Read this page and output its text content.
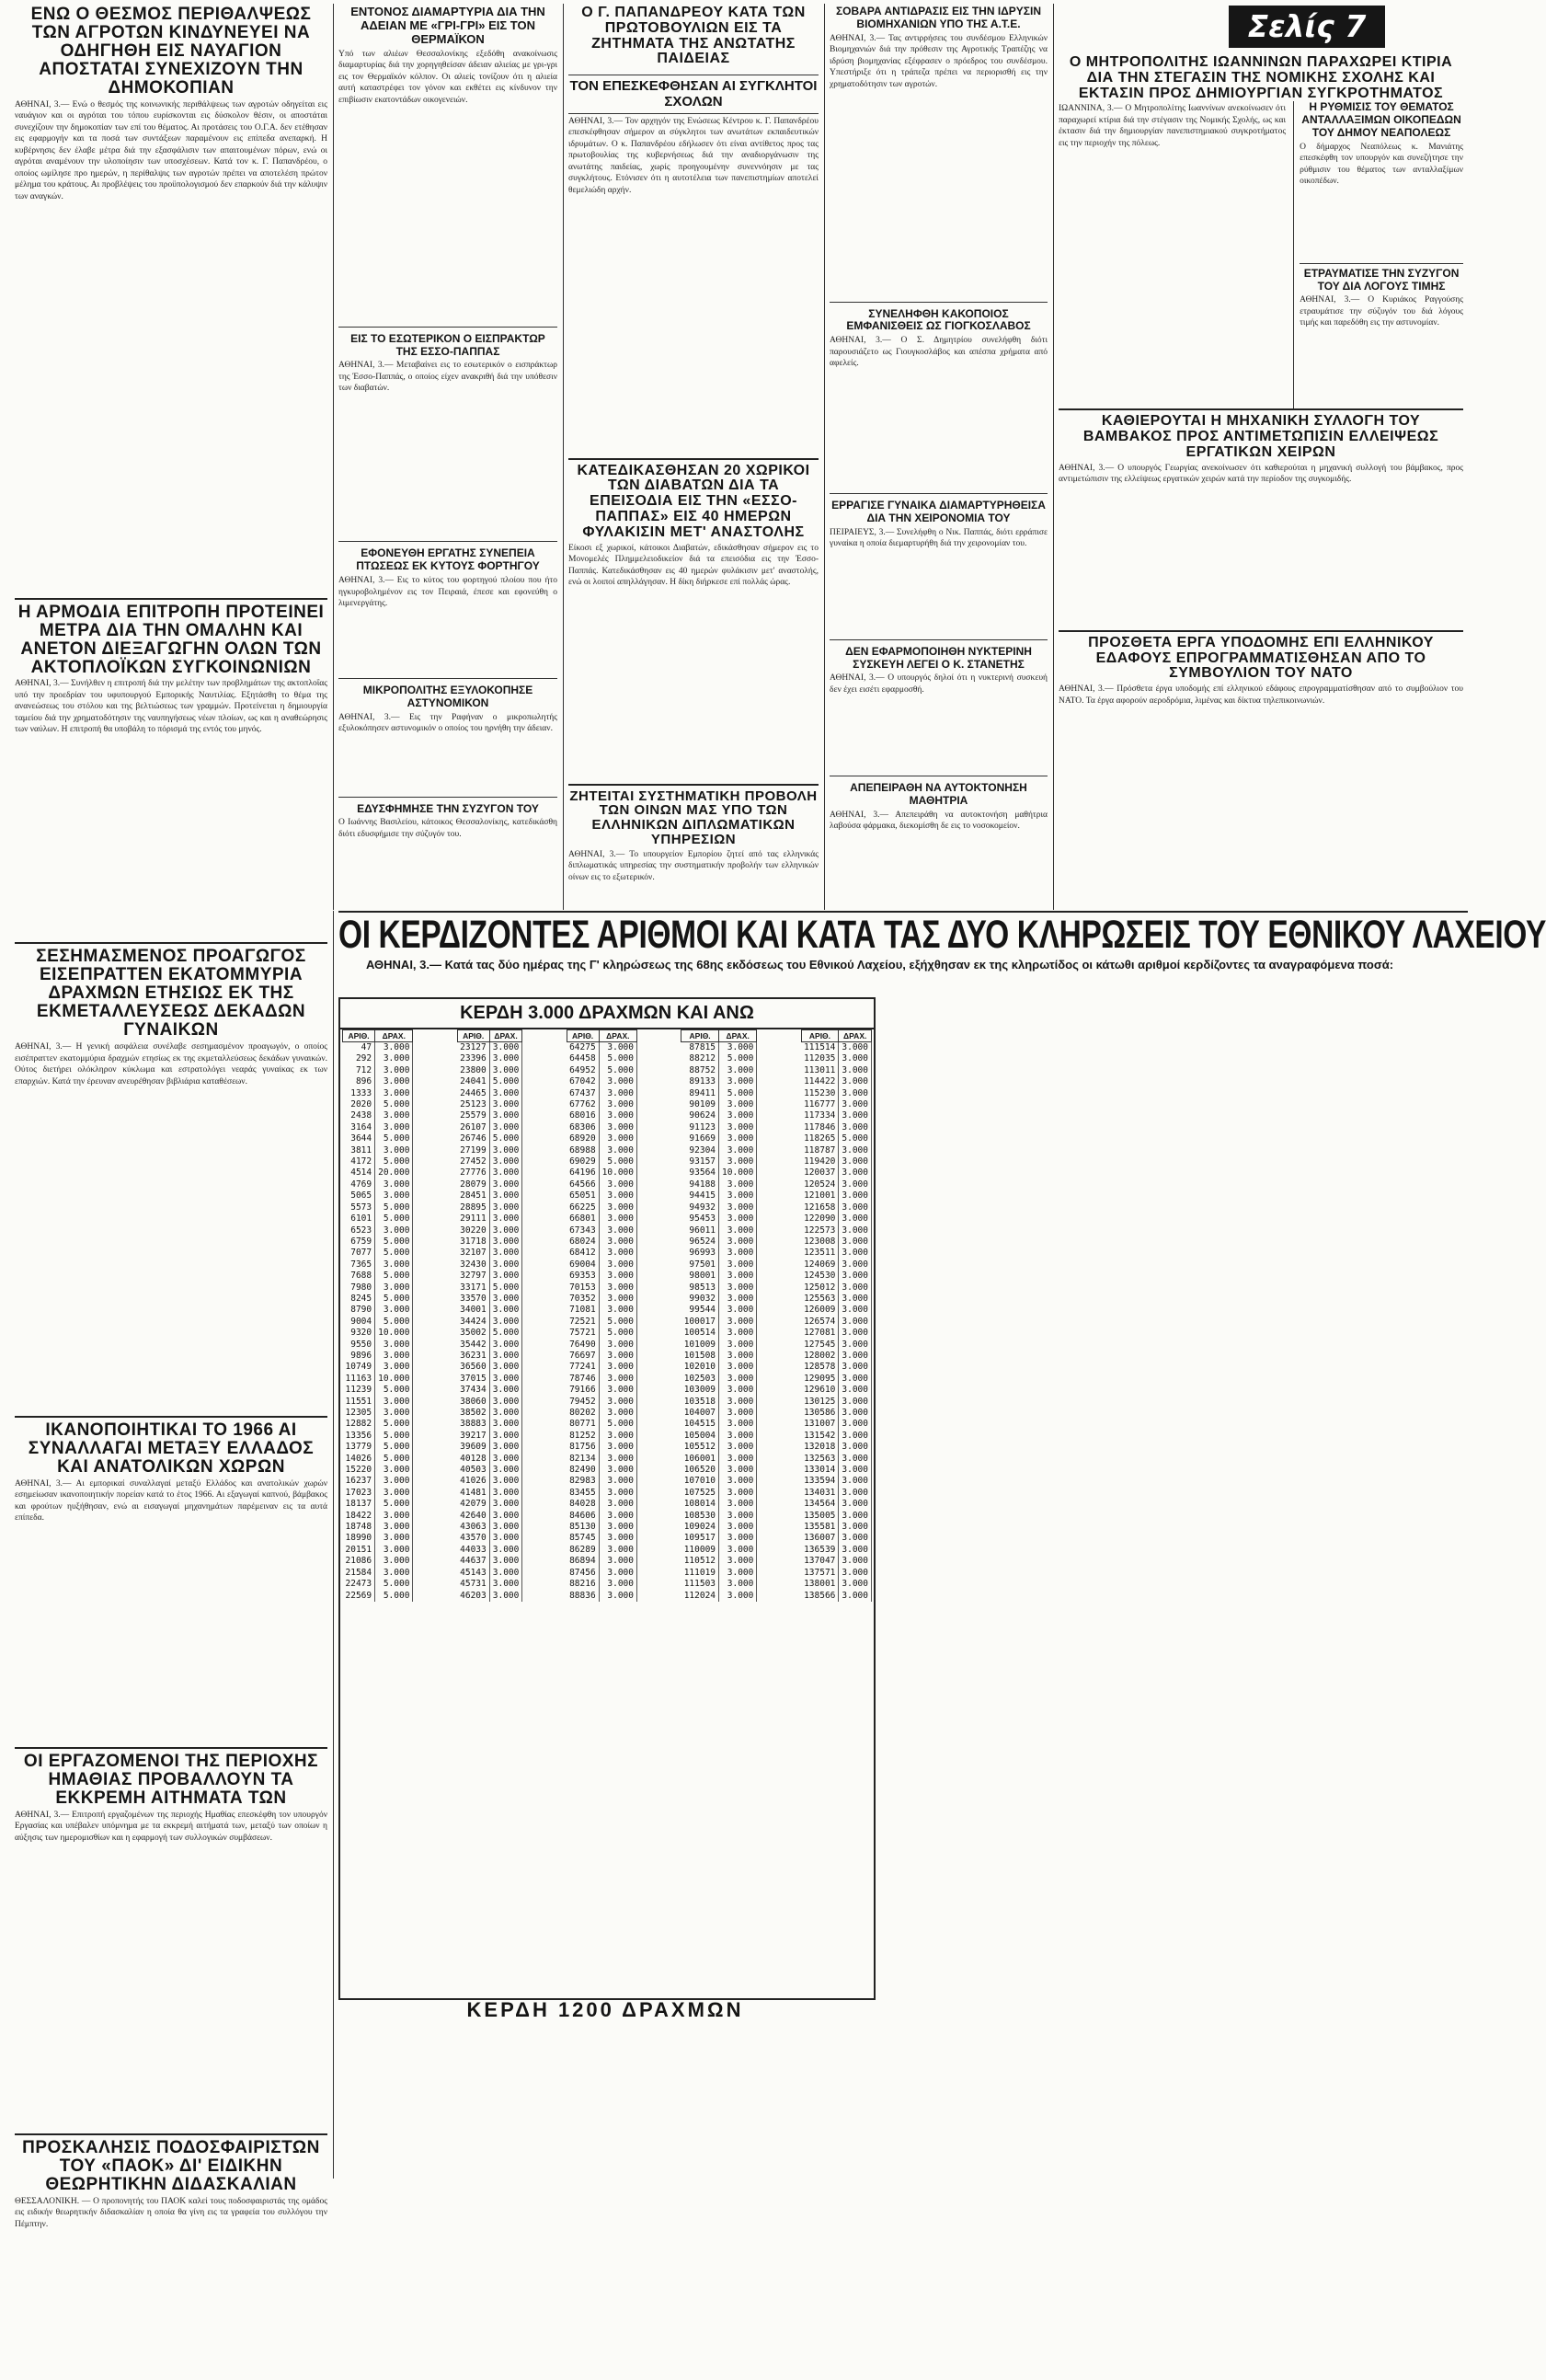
ΕΝΩ Ο ΘΕΣΜΟΣ ΠΕΡΙΘΑΛΨΕΩΣ ΤΩΝ ΑΓΡΟΤΩΝ ΚΙΝΔΥΝΕΥΕΙ ΝΑ ΟΔΗΓΗΘΗ ΕΙΣ ΝΑΥΑΓΙΟΝ ΑΠΟΣΤΑΤΑΙ ΣΥΝΕΧΙΖΟΥΝ ΤΗΝ ΔΗΜΟΚΟΠΙΑΝ

ΑΘΗΝΑΙ, 3.— Ενώ ο θεσμός της κοινωνικής περιθάλψεως των αγροτών οδηγείται εις ναυάγιον και οι αγρόται του τόπου ευρίσκονται εις δύσκολον θέσιν, οι αποστάται συνεχίζουν την δημοκοπίαν των επί του θέματος. Αι προτάσεις του Ο.Γ.Α. δεν ετέθησαν εις εφαρμογήν και τα ποσά των συντάξεων παραμένουν εις επίπεδα ανεπαρκή. Η κυβέρνησις δεν έλαβε μέτρα διά την εξασφάλισιν των απαιτουμένων πόρων, ενώ οι αγρόται αναμένουν την υλοποίησιν των υποσχέσεων. Κατά τον κ. Γ. Παπανδρέου, ο οποίος ωμίλησε προ ημερών, η περίθαλψις των αγροτών πρέπει να αποτελέση πρώτον μέλημα του κράτους. Αι προβλέψεις του προϋπολογισμού δεν επαρκούν διά την κάλυψιν των αναγκών.

Η ΑΡΜΟΔΙΑ ΕΠΙΤΡΟΠΗ ΠΡΟΤΕΙΝΕΙ ΜΕΤΡΑ ΔΙΑ ΤΗΝ ΟΜΑΛΗΝ ΚΑΙ ΑΝΕΤΟΝ ΔΙΕΞΑΓΩΓΗΝ ΟΛΩΝ ΤΩΝ ΑΚΤΟΠΛΟΪΚΩΝ ΣΥΓΚΟΙΝΩΝΙΩΝ

ΑΘΗΝΑΙ, 3.— Συνήλθεν η επιτροπή διά την μελέτην των προβλημάτων της ακτοπλοΐας υπό την προεδρίαν του υφυπουργού Εμπορικής Ναυτιλίας. Εξητάσθη το θέμα της ανανεώσεως του στόλου και της βελτιώσεως των γραμμών. Προτείνεται η δημιουργία ταμείου διά την χρηματοδότησιν της ναυπηγήσεως νέων πλοίων, ως και η αναθεώρησις των ναύλων. Η επιτροπή θα υποβάλη το πόρισμά της εντός του μηνός.

ΣΕΣΗΜΑΣΜΕΝΟΣ ΠΡΟΑΓΩΓΟΣ ΕΙΣΕΠΡΑΤΤΕΝ ΕΚΑΤΟΜΜΥΡΙΑ ΔΡΑΧΜΩΝ ΕΤΗΣΙΩΣ ΕΚ ΤΗΣ ΕΚΜΕΤΑΛΛΕΥΣΕΩΣ ΔΕΚΑΔΩΝ ΓΥΝΑΙΚΩΝ

ΑΘΗΝΑΙ, 3.— Η γενική ασφάλεια συνέλαβε σεσημασμένον προαγωγόν, ο οποίος εισέπραττεν εκατομμύρια δραχμών ετησίως εκ της εκμεταλλεύσεως δεκάδων γυναικών. Ούτος διετήρει ολόκληρον κύκλωμα και εστρατολόγει νεαράς γυναίκας εκ των επαρχιών. Κατά την έρευναν ανευρέθησαν βιβλιάρια καταθέσεων.

ΙΚΑΝΟΠΟΙΗΤΙΚΑΙ ΤΟ 1966 ΑΙ ΣΥΝΑΛΛΑΓΑΙ ΜΕΤΑΞΥ ΕΛΛΑΔΟΣ ΚΑΙ ΑΝΑΤΟΛΙΚΩΝ ΧΩΡΩΝ

ΑΘΗΝΑΙ, 3.— Αι εμπορικαί συναλλαγαί μεταξύ Ελλάδος και ανατολικών χωρών εσημείωσαν ικανοποιητικήν πορείαν κατά το έτος 1966. Αι εξαγωγαί καπνού, βάμβακος και φρούτων ηυξήθησαν, ενώ αι εισαγωγαί μηχανημάτων παρέμειναν εις τα αυτά επίπεδα.

ΟΙ ΕΡΓΑΖΟΜΕΝΟΙ ΤΗΣ ΠΕΡΙΟΧΗΣ ΗΜΑΘΙΑΣ ΠΡΟΒΑΛΛΟΥΝ ΤΑ ΕΚΚΡΕΜΗ ΑΙΤΗΜΑΤΑ ΤΩΝ

ΑΘΗΝΑΙ, 3.— Επιτροπή εργαζομένων της περιοχής Ημαθίας επεσκέφθη τον υπουργόν Εργασίας και υπέβαλεν υπόμνημα με τα εκκρεμή αιτήματά των, μεταξύ των οποίων η αύξησις των ημερομισθίων και η εφαρμογή των συλλογικών συμβάσεων.

ΠΡΟΣΚΑΛΗΣΙΣ ΠΟΔΟΣΦΑΙΡΙΣΤΩΝ ΤΟΥ «ΠΑΟΚ» ΔΙ' ΕΙΔΙΚΗΝ ΘΕΩΡΗΤΙΚΗΝ ΔΙΔΑΣΚΑΛΙΑΝ

ΘΕΣΣΑΛΟΝΙΚΗ. — Ο προπονητής του ΠΑΟΚ καλεί τους ποδοσφαιριστάς της ομάδος εις ειδικήν θεωρητικήν διδασκαλίαν η οποία θα γίνη εις τα γραφεία του συλλόγου την Πέμπτην.

ΕΝΤΟΝΟΣ ΔΙΑΜΑΡΤΥΡΙΑ ΔΙΑ ΤΗΝ ΑΔΕΙΑΝ ΜΕ «ΓΡΙ-ΓΡΙ» ΕΙΣ ΤΟΝ ΘΕΡΜΑΪΚΟΝ

Υπό των αλιέων Θεσσαλονίκης εξεδόθη ανακοίνωσις διαμαρτυρίας διά την χορηγηθείσαν άδειαν αλιείας με γρι-γρι εις τον Θερμαϊκόν κόλπον. Οι αλιείς τονίζουν ότι η αλιεία αυτή καταστρέφει τον γόνον και εκθέτει εις κίνδυνον την επιβίωσιν εκατοντάδων οικογενειών.

ΕΙΣ ΤΟ ΕΣΩΤΕΡΙΚΟΝ Ο ΕΙΣΠΡΑΚΤΩΡ ΤΗΣ ΕΣΣΟ-ΠΑΠΠΑΣ

ΑΘΗΝΑΙ, 3.— Μεταβαίνει εις το εσωτερικόν ο εισπράκτωρ της Έσσο-Παππάς, ο οποίος είχεν ανακριθή διά την υπόθεσιν των διαβατών.

ΕΦΟΝΕΥΘΗ ΕΡΓΑΤΗΣ ΣΥΝΕΠΕΙΑ ΠΤΩΣΕΩΣ ΕΚ ΚΥΤΟΥΣ ΦΟΡΤΗΓΟΥ

ΑΘΗΝΑΙ, 3.— Εις το κύτος του φορτηγού πλοίου που ήτο ηγκυροβολημένον εις τον Πειραιά, έπεσε και εφονεύθη ο λιμενεργάτης.

ΜΙΚΡΟΠΟΛΙΤΗΣ ΕΞΥΛΟΚΟΠΗΣΕ ΑΣΤΥΝΟΜΙΚΟΝ

ΑΘΗΝΑΙ, 3.— Εις την Ραφήναν ο μικροπωλητής εξυλοκόπησεν αστυνομικόν ο οποίος του ηρνήθη την άδειαν.

ΕΔΥΣΦΗΜΗΣΕ ΤΗΝ ΣΥΖΥΓΟΝ ΤΟΥ

Ο Ιωάννης Βασιλείου, κάτοικος Θεσσαλονίκης, κατεδικάσθη διότι εδυσφήμισε την σύζυγόν του.

Ο Γ. ΠΑΠΑΝΔΡΕΟΥ ΚΑΤΑ ΤΩΝ ΠΡΩΤΟΒΟΥΛΙΩΝ ΕΙΣ ΤΑ ΖΗΤΗΜΑΤΑ ΤΗΣ ΑΝΩΤΑΤΗΣ ΠΑΙΔΕΙΑΣ
ΤΟΝ ΕΠΕΣΚΕΦΘΗΣΑΝ ΑΙ ΣΥΓΚΛΗΤΟΙ ΣΧΟΛΩΝ

ΑΘΗΝΑΙ, 3.— Τον αρχηγόν της Ενώσεως Κέντρου κ. Γ. Παπανδρέου επεσκέφθησαν σήμερον αι σύγκλητοι των ανωτάτων εκπαιδευτικών ιδρυμάτων. Ο κ. Παπανδρέου εδήλωσεν ότι είναι αντίθετος προς τας πρωτοβουλίας της κυβερνήσεως διά την αναδιοργάνωσιν της ανωτάτης παιδείας, χωρίς προηγουμένην συνεννόησιν με τας συγκλήτους. Ετόνισεν ότι η αυτοτέλεια των πανεπιστημίων αποτελεί θεμελιώδη αρχήν.

ΚΑΤΕΔΙΚΑΣΘΗΣΑΝ 20 ΧΩΡΙΚΟΙ ΤΩΝ ΔΙΑΒΑΤΩΝ ΔΙΑ ΤΑ ΕΠΕΙΣΟΔΙΑ ΕΙΣ ΤΗΝ «ΕΣΣΟ-ΠΑΠΠΑΣ» ΕΙΣ 40 ΗΜΕΡΩΝ ΦΥΛΑΚΙΣΙΝ ΜΕΤ' ΑΝΑΣΤΟΛΗΣ

Είκοσι εξ χωρικοί, κάτοικοι Διαβατών, εδικάσθησαν σήμερον εις το Μονομελές Πλημμελειοδικείον διά τα επεισόδια εις την Έσσο-Παππάς. Κατεδικάσθησαν εις 40 ημερών φυλάκισιν μετ' αναστολής, ενώ οι λοιποί απηλλάγησαν. Η δίκη διήρκεσε επί πολλάς ώρας.

ΖΗΤΕΙΤΑΙ ΣΥΣΤΗΜΑΤΙΚΗ ΠΡΟΒΟΛΗ ΤΩΝ ΟΙΝΩΝ ΜΑΣ ΥΠΟ ΤΩΝ ΕΛΛΗΝΙΚΩΝ ΔΙΠΛΩΜΑΤΙΚΩΝ ΥΠΗΡΕΣΙΩΝ

ΑΘΗΝΑΙ, 3.— Το υπουργείον Εμπορίου ζητεί από τας ελληνικάς διπλωματικάς υπηρεσίας την συστηματικήν προβολήν των ελληνικών οίνων εις το εξωτερικόν.

ΣΟΒΑΡΑ ΑΝΤΙΔΡΑΣΙΣ ΕΙΣ ΤΗΝ ΙΔΡΥΣΙΝ ΒΙΟΜΗΧΑΝΙΩΝ ΥΠΟ ΤΗΣ Α.Τ.Ε.

ΑΘΗΝΑΙ, 3.— Τας αντιρρήσεις του συνδέσμου Ελληνικών Βιομηχανιών διά την πρόθεσιν της Αγροτικής Τραπέζης να ιδρύση βιομηχανίας εξέφρασεν ο πρόεδρος του συνδέσμου. Υπεστήριξε ότι η τράπεζα πρέπει να περιορισθή εις την χρηματοδότησιν των αγροτών.

ΣΥΝΕΛΗΦΘΗ ΚΑΚΟΠΟΙΟΣ ΕΜΦΑΝΙΣΘΕΙΣ ΩΣ ΓΙΟΓΚΟΣΛΑΒΟΣ

ΑΘΗΝΑΙ, 3.— Ο Σ. Δημητρίου συνελήφθη διότι παρουσιάζετο ως Γιουγκοσλάβος και απέσπα χρήματα από αφελείς.

ΕΡΡΑΓΙΣΕ ΓΥΝΑΙΚΑ ΔΙΑΜΑΡΤΥΡΗΘΕΙΣΑ ΔΙΑ ΤΗΝ ΧΕΙΡΟΝΟΜΙΑ ΤΟΥ

ΠΕΙΡΑΙΕΥΣ, 3.— Συνελήφθη ο Νικ. Παππάς, διότι ερράπισε γυναίκα η οποία διεμαρτυρήθη διά την χειρονομίαν του.

ΔΕΝ ΕΦΑΡΜΟΠΟΙΗΘΗ ΝΥΚΤΕΡΙΝΗ ΣΥΣΚΕΥΗ ΛΕΓΕΙ Ο Κ. ΣΤΑΝΕΤΗΣ

ΑΘΗΝΑΙ, 3.— Ο υπουργός δηλοί ότι η νυκτερινή συσκευή δεν έχει εισέτι εφαρμοσθή.

ΑΠΕΠΕΙΡΑΘΗ ΝΑ ΑΥΤΟΚΤΟΝΗΣΗ ΜΑΘΗΤΡΙΑ

ΑΘΗΝΑΙ, 3.— Απεπειράθη να αυτοκτονήση μαθήτρια λαβούσα φάρμακα, διεκομίσθη δε εις το νοσοκομείον.

Σελίς 7
Ο ΜΗΤΡΟΠΟΛΙΤΗΣ ΙΩΑΝΝΙΝΩΝ ΠΑΡΑΧΩΡΕΙ ΚΤΙΡΙΑ ΔΙΑ ΤΗΝ ΣΤΕΓΑΣΙΝ ΤΗΣ ΝΟΜΙΚΗΣ ΣΧΟΛΗΣ ΚΑΙ ΕΚΤΑΣΙΝ ΠΡΟΣ ΔΗΜΙΟΥΡΓΙΑΝ ΣΥΓΚΡΟΤΗΜΑΤΟΣ

ΙΩΑΝΝΙΝΑ, 3.— Ο Μητροπολίτης Ιωαννίνων ανεκοίνωσεν ότι παραχωρεί κτίρια διά την στέγασιν της Νομικής Σχολής, ως και έκτασιν διά την δημιουργίαν πανεπιστημιακού συγκροτήματος εις την περιοχήν της πόλεως.

Η ΡΥΘΜΙΣΙΣ ΤΟΥ ΘΕΜΑΤΟΣ ΑΝΤΑΛΛΑΞΙΜΩΝ ΟΙΚΟΠΕΔΩΝ ΤΟΥ ΔΗΜΟΥ ΝΕΑΠΟΛΕΩΣ

Ο δήμαρχος Νεαπόλεως κ. Μανιάτης επεσκέφθη τον υπουργόν και συνεζήτησε την ρύθμισιν του θέματος των ανταλλαξίμων οικοπέδων.

ΕΤΡΑΥΜΑΤΙΣΕ ΤΗΝ ΣΥΖΥΓΟΝ ΤΟΥ ΔΙΑ ΛΟΓΟΥΣ ΤΙΜΗΣ

ΑΘΗΝΑΙ, 3.— Ο Κυριάκος Ραγγούσης ετραυμάτισε την σύζυγόν του διά λόγους τιμής και παρεδόθη εις την αστυνομίαν.

ΚΑΘΙΕΡΟΥΤΑΙ Η ΜΗΧΑΝΙΚΗ ΣΥΛΛΟΓΗ ΤΟΥ ΒΑΜΒΑΚΟΣ ΠΡΟΣ ΑΝΤΙΜΕΤΩΠΙΣΙΝ ΕΛΛΕΙΨΕΩΣ ΕΡΓΑΤΙΚΩΝ ΧΕΙΡΩΝ

ΑΘΗΝΑΙ, 3.— Ο υπουργός Γεωργίας ανεκοίνωσεν ότι καθιερούται η μηχανική συλλογή του βάμβακος, προς αντιμετώπισιν της ελλείψεως εργατικών χειρών κατά την περίοδον της συγκομιδής.

ΠΡΟΣΘΕΤΑ ΕΡΓΑ ΥΠΟΔΟΜΗΣ ΕΠΙ ΕΛΛΗΝΙΚΟΥ ΕΔΑΦΟΥΣ ΕΠΡΟΓΡΑΜΜΑΤΙΣΘΗΣΑΝ ΑΠΟ ΤΟ ΣΥΜΒΟΥΛΙΟΝ ΤΟΥ ΝΑΤΟ

ΑΘΗΝΑΙ, 3.— Πρόσθετα έργα υποδομής επί ελληνικού εδάφους επρογραμματίσθησαν από το συμβούλιον του ΝΑΤΟ. Τα έργα αφορούν αεροδρόμια, λιμένας και δίκτυα τηλεπικοινωνιών.

ΟΙ ΚΕΡΔΙΖΟΝΤΕΣ ΑΡΙΘΜΟΙ ΚΑΙ ΚΑΤΑ ΤΑΣ ΔΥΟ ΚΛΗΡΩΣΕΙΣ ΤΟΥ ΕΘΝΙΚΟΥ ΛΑΧΕΙΟΥ

ΑΘΗΝΑΙ, 3.— Κατά τας δύο ημέρας της Γ' κληρώσεως της 68ης εκδόσεως του Εθνικού Λαχείου, εξήχθησαν εκ της κληρωτίδος οι κάτωθι αριθμοί κερδίζοντες τα αναγραφόμενα ποσά:

ΚΕΡΔΗ 3.000 ΔΡΑΧΜΩΝ ΚΑΙ ΑΝΩ
ΑΡΙΘ.	ΔΡΑΧ.
47	3.000
292	3.000
712	3.000
896	3.000
1333	3.000
2020	5.000
2438	3.000
3164	3.000
3644	5.000
3811	3.000
4172	5.000
4514	20.000
4769	3.000
5065	3.000
5573	5.000
6101	5.000
6523	3.000
6759	5.000
7077	5.000
7365	3.000
7688	5.000
7980	3.000
8245	5.000
8790	3.000
9004	5.000
9320	10.000
9550	3.000
9896	3.000
10749	3.000
11163	10.000
11239	5.000
11551	3.000
12305	3.000
12882	5.000
13356	5.000
13779	5.000
14026	5.000
15220	3.000
16237	3.000
17023	3.000
18137	5.000
18422	3.000
18748	3.000
18990	3.000
20151	3.000
21086	3.000
21584	3.000
22473	5.000
22569	5.000
ΑΡΙΘ.	ΔΡΑΧ.
23127	3.000
23396	3.000
23800	3.000
24041	5.000
24465	3.000
25123	3.000
25579	3.000
26107	3.000
26746	5.000
27199	3.000
27452	3.000
27776	3.000
28079	3.000
28451	3.000
28895	3.000
29111	3.000
30220	3.000
31718	3.000
32107	3.000
32430	3.000
32797	3.000
33171	5.000
33570	3.000
34001	3.000
34424	3.000
35002	5.000
35442	3.000
36231	3.000
36560	3.000
37015	3.000
37434	3.000
38060	3.000
38502	3.000
38883	3.000
39217	3.000
39609	3.000
40128	3.000
40503	3.000
41026	3.000
41481	3.000
42079	3.000
42640	3.000
43063	3.000
43570	3.000
44033	3.000
44637	3.000
45143	3.000
45731	3.000
46203	3.000
ΑΡΙΘ.	ΔΡΑΧ.
64275	3.000
64458	5.000
64952	5.000
67042	3.000
67437	3.000
67762	3.000
68016	3.000
68306	3.000
68920	3.000
68988	3.000
69029	5.000
64196	10.000
64566	3.000
65051	3.000
66225	3.000
66801	3.000
67343	3.000
68024	3.000
68412	3.000
69004	3.000
69353	3.000
70153	3.000
70352	3.000
71081	3.000
72521	5.000
75721	5.000
76490	3.000
76697	3.000
77241	3.000
78746	3.000
79166	3.000
79452	3.000
80202	3.000
80771	5.000
81252	3.000
81756	3.000
82134	3.000
82490	3.000
82983	3.000
83455	3.000
84028	3.000
84606	3.000
85130	3.000
85745	3.000
86289	3.000
86894	3.000
87456	3.000
88216	3.000
88836	3.000
ΑΡΙΘ.	ΔΡΑΧ.
87815	3.000
88212	5.000
88752	3.000
89133	3.000
89411	5.000
90109	3.000
90624	3.000
91123	3.000
91669	3.000
92304	3.000
93157	3.000
93564	10.000
94188	3.000
94415	3.000
94932	3.000
95453	3.000
96011	3.000
96524	3.000
96993	3.000
97501	3.000
98001	3.000
98513	3.000
99032	3.000
99544	3.000
100017	3.000
100514	3.000
101009	3.000
101508	3.000
102010	3.000
102503	3.000
103009	3.000
103518	3.000
104007	3.000
104515	3.000
105004	3.000
105512	3.000
106001	3.000
106520	3.000
107010	3.000
107525	3.000
108014	3.000
108530	3.000
109024	3.000
109517	3.000
110009	3.000
110512	3.000
111019	3.000
111503	3.000
112024	3.000
ΑΡΙΘ.	ΔΡΑΧ.
111514	3.000
112035	3.000
113011	3.000
114422	3.000
115230	3.000
116777	3.000
117334	3.000
117846	3.000
118265	5.000
118787	3.000
119420	3.000
120037	3.000
120524	3.000
121001	3.000
121658	3.000
122090	3.000
122573	3.000
123008	3.000
123511	3.000
124069	3.000
124530	3.000
125012	3.000
125563	3.000
126009	3.000
126574	3.000
127081	3.000
127545	3.000
128002	3.000
128578	3.000
129095	3.000
129610	3.000
130125	3.000
130586	3.000
131007	3.000
131542	3.000
132018	3.000
132563	3.000
133014	3.000
133594	3.000
134031	3.000
134564	3.000
135005	3.000
135581	3.000
136007	3.000
136539	3.000
137047	3.000
137571	3.000
138001	3.000
138566	3.000
ΚΕΡΔΗ 1200 ΔΡΑΧΜΩΝ
